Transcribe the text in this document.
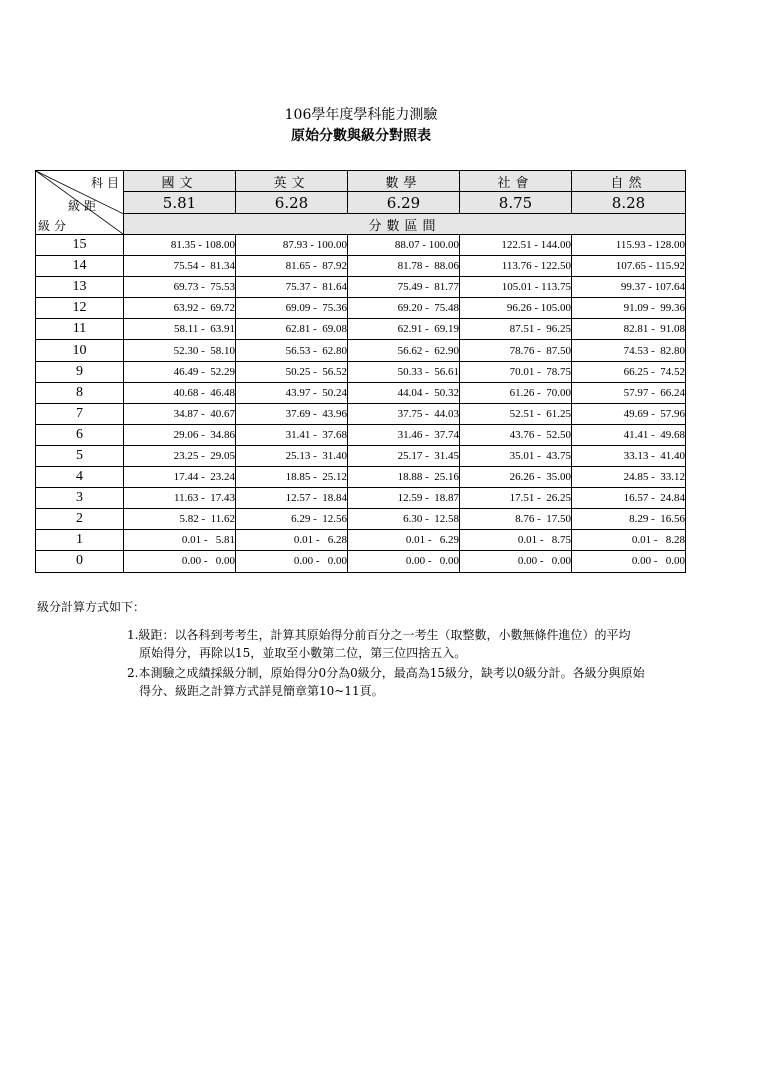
106學年度學科能力測驗
原始分數與級分對照表
科目
級距
級分	國文	英文	數學	社會	自然
	5.81	6.28	6.29	8.75	8.28
	分數區間				
15	81.35 - 108.00	87.93 - 100.00	88.07 - 100.00	122.51 - 144.00	115.93 - 128.00
14	75.54 -  81.34	81.65 -  87.92	81.78 -  88.06	113.76 - 122.50	107.65 - 115.92
13	69.73 -  75.53	75.37 -  81.64	75.49 -  81.77	105.01 - 113.75	99.37 - 107.64
12	63.92 -  69.72	69.09 -  75.36	69.20 -  75.48	96.26 - 105.00	91.09 -  99.36
11	58.11 -  63.91	62.81 -  69.08	62.91 -  69.19	87.51 -  96.25	82.81 -  91.08
10	52.30 -  58.10	56.53 -  62.80	56.62 -  62.90	78.76 -  87.50	74.53 -  82.80
9	46.49 -  52.29	50.25 -  56.52	50.33 -  56.61	70.01 -  78.75	66.25 -  74.52
8	40.68 -  46.48	43.97 -  50.24	44.04 -  50.32	61.26 -  70.00	57.97 -  66.24
7	34.87 -  40.67	37.69 -  43.96	37.75 -  44.03	52.51 -  61.25	49.69 -  57.96
6	29.06 -  34.86	31.41 -  37.68	31.46 -  37.74	43.76 -  52.50	41.41 -  49.68
5	23.25 -  29.05	25.13 -  31.40	25.17 -  31.45	35.01 -  43.75	33.13 -  41.40
4	17.44 -  23.24	18.85 -  25.12	18.88 -  25.16	26.26 -  35.00	24.85 -  33.12
3	11.63 -  17.43	12.57 -  18.84	12.59 -  18.87	17.51 -  26.25	16.57 -  24.84
2	5.82 -  11.62	6.29 -  12.56	6.30 -  12.58	8.76 -  17.50	8.29 -  16.56
1	0.01 -   5.81	0.01 -   6.28	0.01 -   6.29	0.01 -   8.75	0.01 -   8.28
0	0.00 -   0.00	0.00 -   0.00	0.00 -   0.00	0.00 -   0.00	0.00 -   0.00
級分計算方式如下：
1.級距：以各科到考考生，計算其原始得分前百分之一考生（取整數，小數無條件進位）的平均
原始得分，再除以15，並取至小數第二位，第三位四捨五入。
2.本測驗之成績採級分制，原始得分0分為0級分，最高為15級分，缺考以0級分計。各級分與原始
得分、級距之計算方式詳見簡章第10~11頁。
